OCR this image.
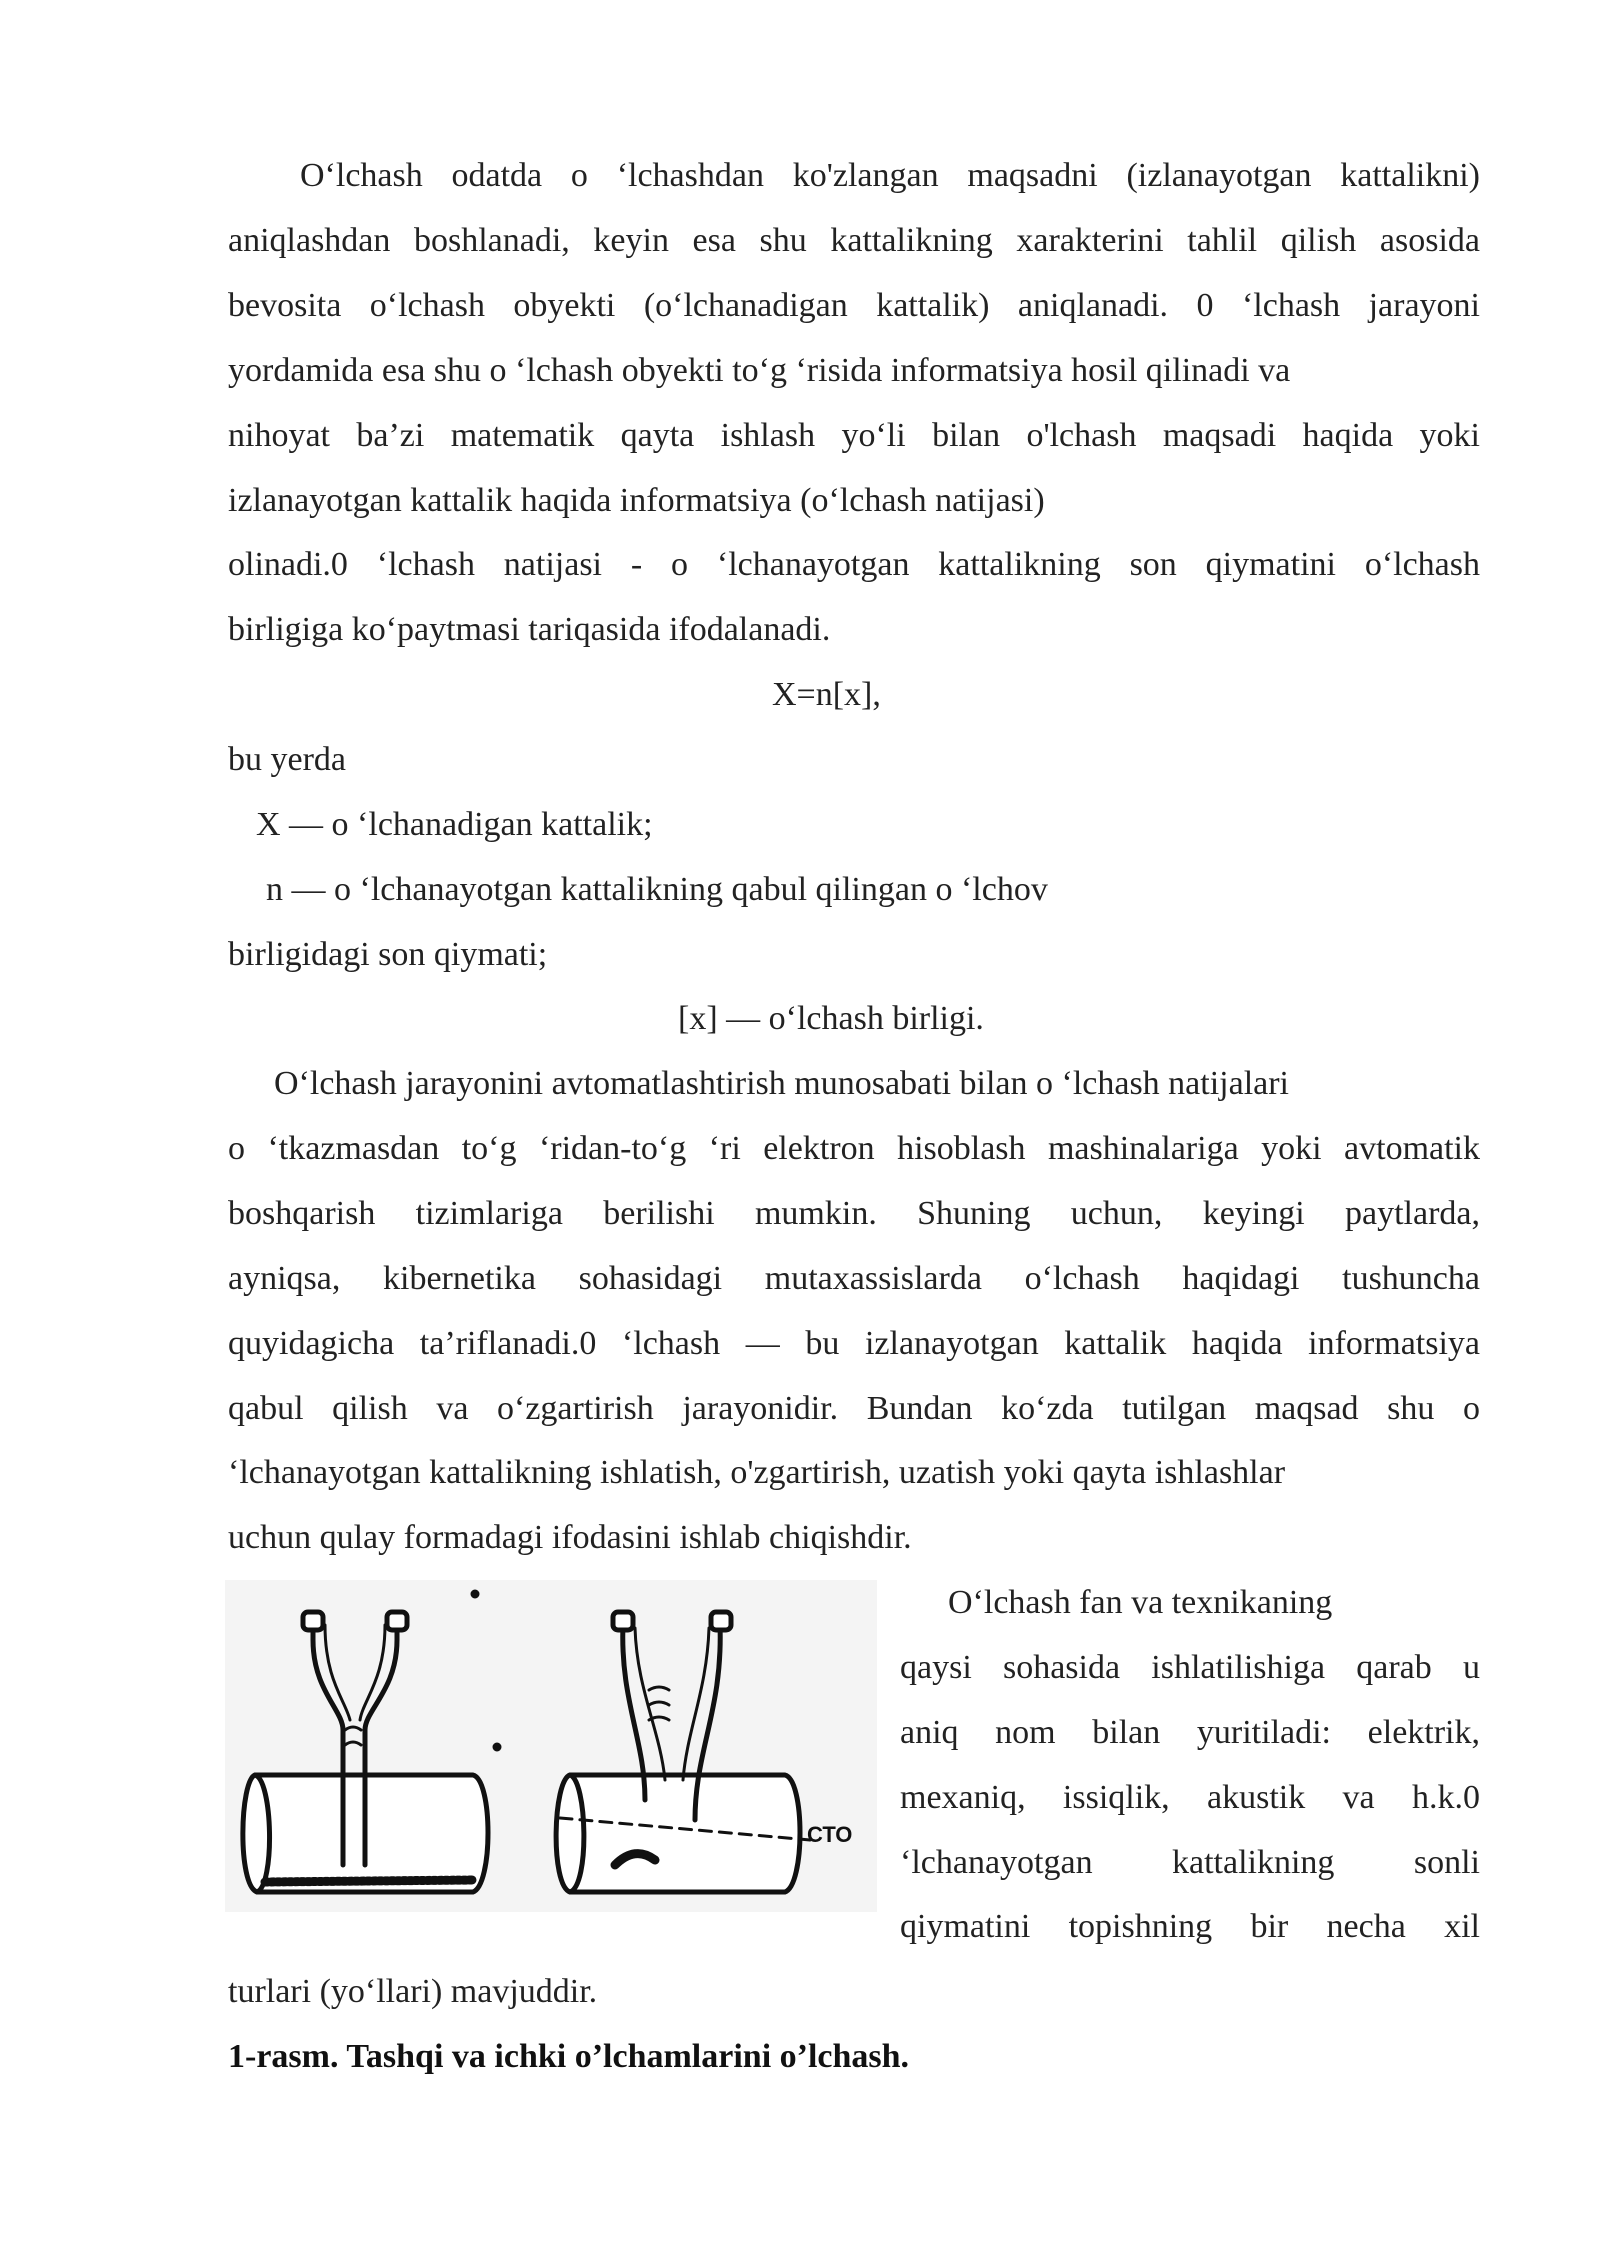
O‘lchash odatda o ‘lchashdan ko'zlangan maqsadni (izlanayotgan kattalikni)
aniqlashdan boshlanadi, keyin esa shu kattalikning xarakterini tahlil qilish asosida
bevosita o‘lchash obyekti (o‘lchanadigan kattalik) aniqlanadi. 0 ‘lchash jarayoni
yordamida esa shu o ‘lchash obyekti to‘g ‘risida informatsiya hosil qilinadi va
nihoyat ba’zi matematik qayta ishlash yo‘li bilan o'lchash maqsadi haqida yoki
izlanayotgan kattalik haqida informatsiya (o‘lchash natijasi)
olinadi.0 ‘lchash natijasi - o ‘lchanayotgan kattalikning son qiymatini o‘lchash
birligiga ko‘paytmasi tariqasida ifodalanadi.
X=n[x],
bu yerda
X — o ‘lchanadigan kattalik;
n — o ‘lchanayotgan kattalikning qabul qilingan o ‘lchov
birligidagi son qiymati;
[x] — o‘lchash birligi.
O‘lchash jarayonini avtomatlashtirish munosabati bilan o ‘lchash natijalari
o ‘tkazmasdan to‘g ‘ridan-to‘g ‘ri elektron hisoblash mashinalariga yoki avtomatik
boshqarish tizimlariga berilishi mumkin. Shuning uchun, keyingi paytlarda,
ayniqsa, kibernetika sohasidagi mutaxassislarda o‘lchash haqidagi tushuncha
quyidagicha ta’riflanadi.0 ‘lchash — bu izlanayotgan kattalik haqida informatsiya
qabul qilish va o‘zgartirish jarayonidir. Bundan ko‘zda tutilgan maqsad shu o
‘lchanayotgan kattalikning ishlatish, o'zgartirish, uzatish yoki qayta ishlashlar
uchun qulay formadagi ifodasini ishlab chiqishdir.
O‘lchash fan va texnikaning
qaysi sohasida ishlatilishiga qarab u
aniq nom bilan yuritiladi: elektrik,
mexaniq, issiqlik, akustik va h.k.0
‘lchanayotgan kattalikning sonli
qiymatini topishning bir necha xil
turlari (yo‘llari) mavjuddir.
1-rasm. Tashqi va ichki o’lchamlarini o’lchash.
СТО
